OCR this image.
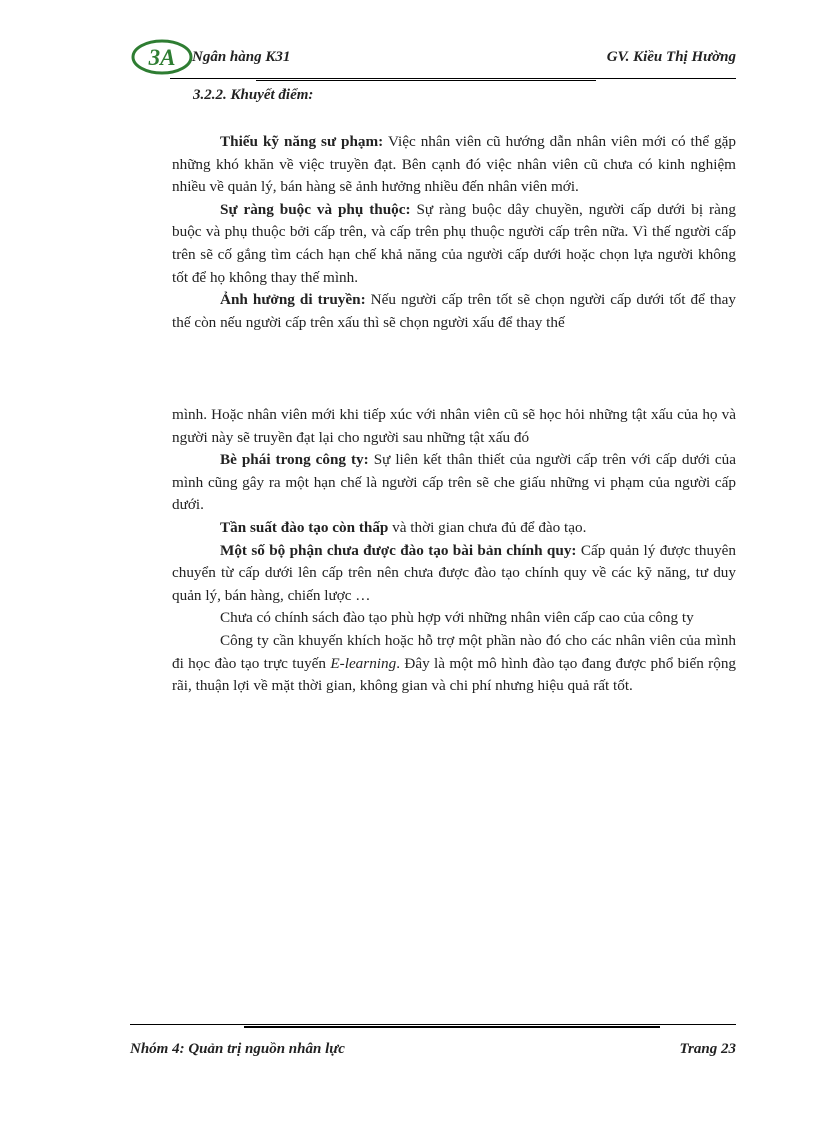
3A Ngân hàng K31	GV. Kiều Thị Hường
3.2.2. Khuyết điểm:

Thiếu kỹ năng sư phạm: Việc nhân viên cũ hướng dẫn nhân viên mới có thể gặp những khó khăn về việc truyền đạt. Bên cạnh đó việc nhân viên cũ chưa có kinh nghiệm nhiều về quản lý, bán hàng sẽ ảnh hưởng nhiều đến nhân viên mới.

Sự ràng buộc và phụ thuộc: Sự ràng buộc dây chuyền, người cấp dưới bị ràng buộc và phụ thuộc bởi cấp trên, và cấp trên phụ thuộc người cấp trên nữa. Vì thế người cấp trên sẽ cố gắng tìm cách hạn chế khả năng của người cấp dưới hoặc chọn lựa người không tốt để họ không thay thế mình.

Ảnh hưởng di truyền: Nếu người cấp trên tốt sẽ chọn người cấp dưới tốt để thay thế còn nếu người cấp trên xấu thì sẽ chọn người xấu để thay thế

mình. Hoặc nhân viên mới khi tiếp xúc với nhân viên cũ sẽ học hỏi những tật xấu của họ và người này sẽ truyền đạt lại cho người sau những tật xấu đó

Bè phái trong công ty: Sự liên kết thân thiết của người cấp trên với cấp dưới của mình cũng gây ra một hạn chế là người cấp trên sẽ che giấu những vi phạm của người cấp dưới.

Tần suất đào tạo còn thấp và thời gian chưa đủ để đào tạo.

Một số bộ phận chưa được đào tạo bài bản chính quy: Cấp quản lý được thuyên chuyển từ cấp dưới lên cấp trên nên chưa được đào tạo chính quy về các kỹ năng, tư duy quản lý, bán hàng, chiến lược …

Chưa có chính sách đào tạo phù hợp với những nhân viên cấp cao của công ty

Công ty cần khuyến khích hoặc hỗ trợ một phần nào đó cho các nhân viên của mình đi học đào tạo trực tuyến E-learning. Đây là một mô hình đào tạo đang được phổ biến rộng rãi, thuận lợi về mặt thời gian, không gian và chi phí nhưng hiệu quả rất tốt.

Nhóm 4: Quản trị nguồn nhân lực	Trang 23
